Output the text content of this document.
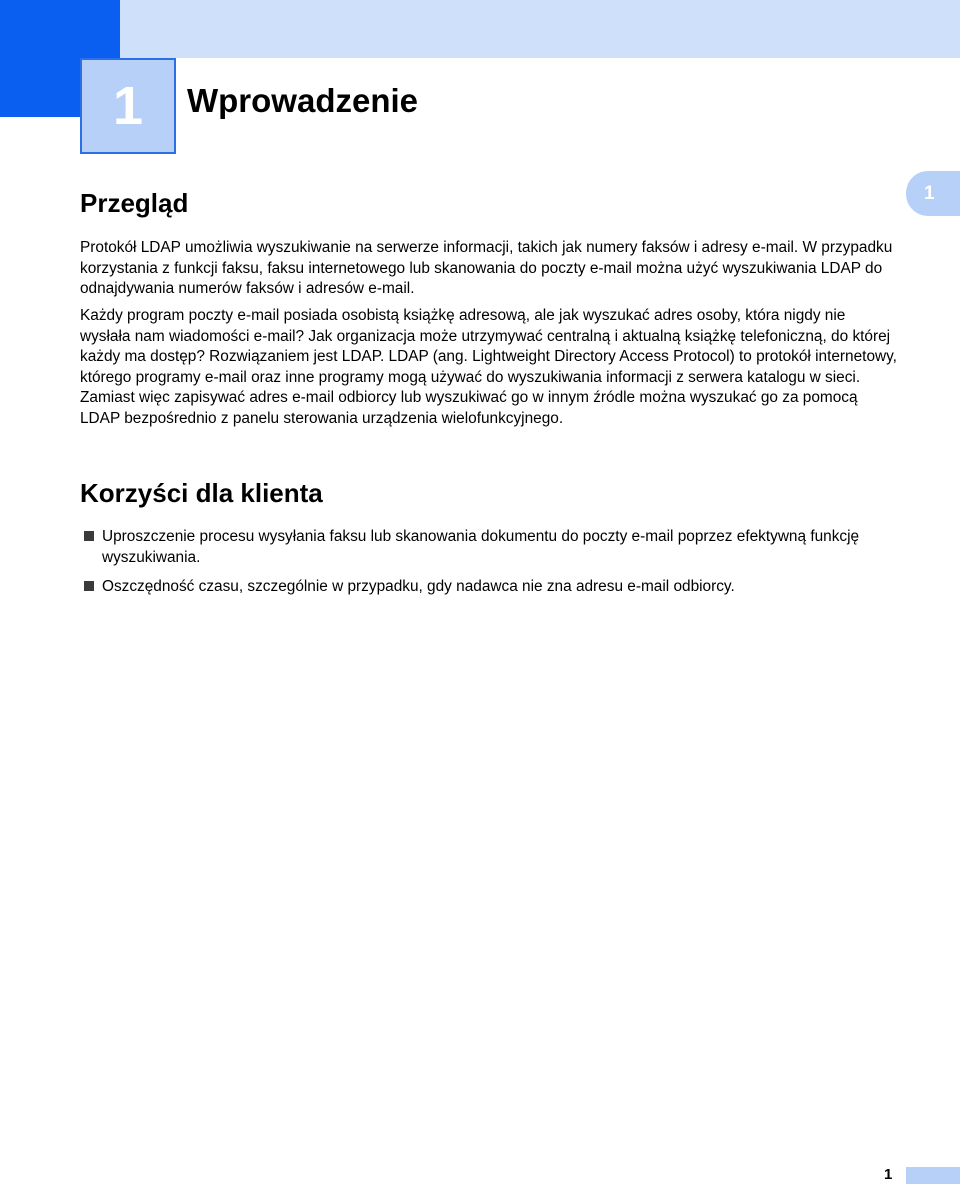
1 Wprowadzenie
1
Przegląd

Protokół LDAP umożliwia wyszukiwanie na serwerze informacji, takich jak numery faksów i adresy e-mail. W przypadku korzystania z funkcji faksu, faksu internetowego lub skanowania do poczty e-mail można użyć wyszukiwania LDAP do odnajdywania numerów faksów i adresów e-mail.

Każdy program poczty e-mail posiada osobistą książkę adresową, ale jak wyszukać adres osoby, która nigdy nie wysłała nam wiadomości e-mail? Jak organizacja może utrzymywać centralną i aktualną książkę telefoniczną, do której każdy ma dostęp? Rozwiązaniem jest LDAP. LDAP (ang. Lightweight Directory Access Protocol) to protokół internetowy, którego programy e-mail oraz inne programy mogą używać do wyszukiwania informacji z serwera katalogu w sieci. Zamiast więc zapisywać adres e-mail odbiorcy lub wyszukiwać go w innym źródle można wyszukać go za pomocą LDAP bezpośrednio z panelu sterowania urządzenia wielofunkcyjnego.

Korzyści dla klienta
Uproszczenie procesu wysyłania faksu lub skanowania dokumentu do poczty e-mail poprzez efektywną funkcję wyszukiwania.
Oszczędność czasu, szczególnie w przypadku, gdy nadawca nie zna adresu e-mail odbiorcy.
1
